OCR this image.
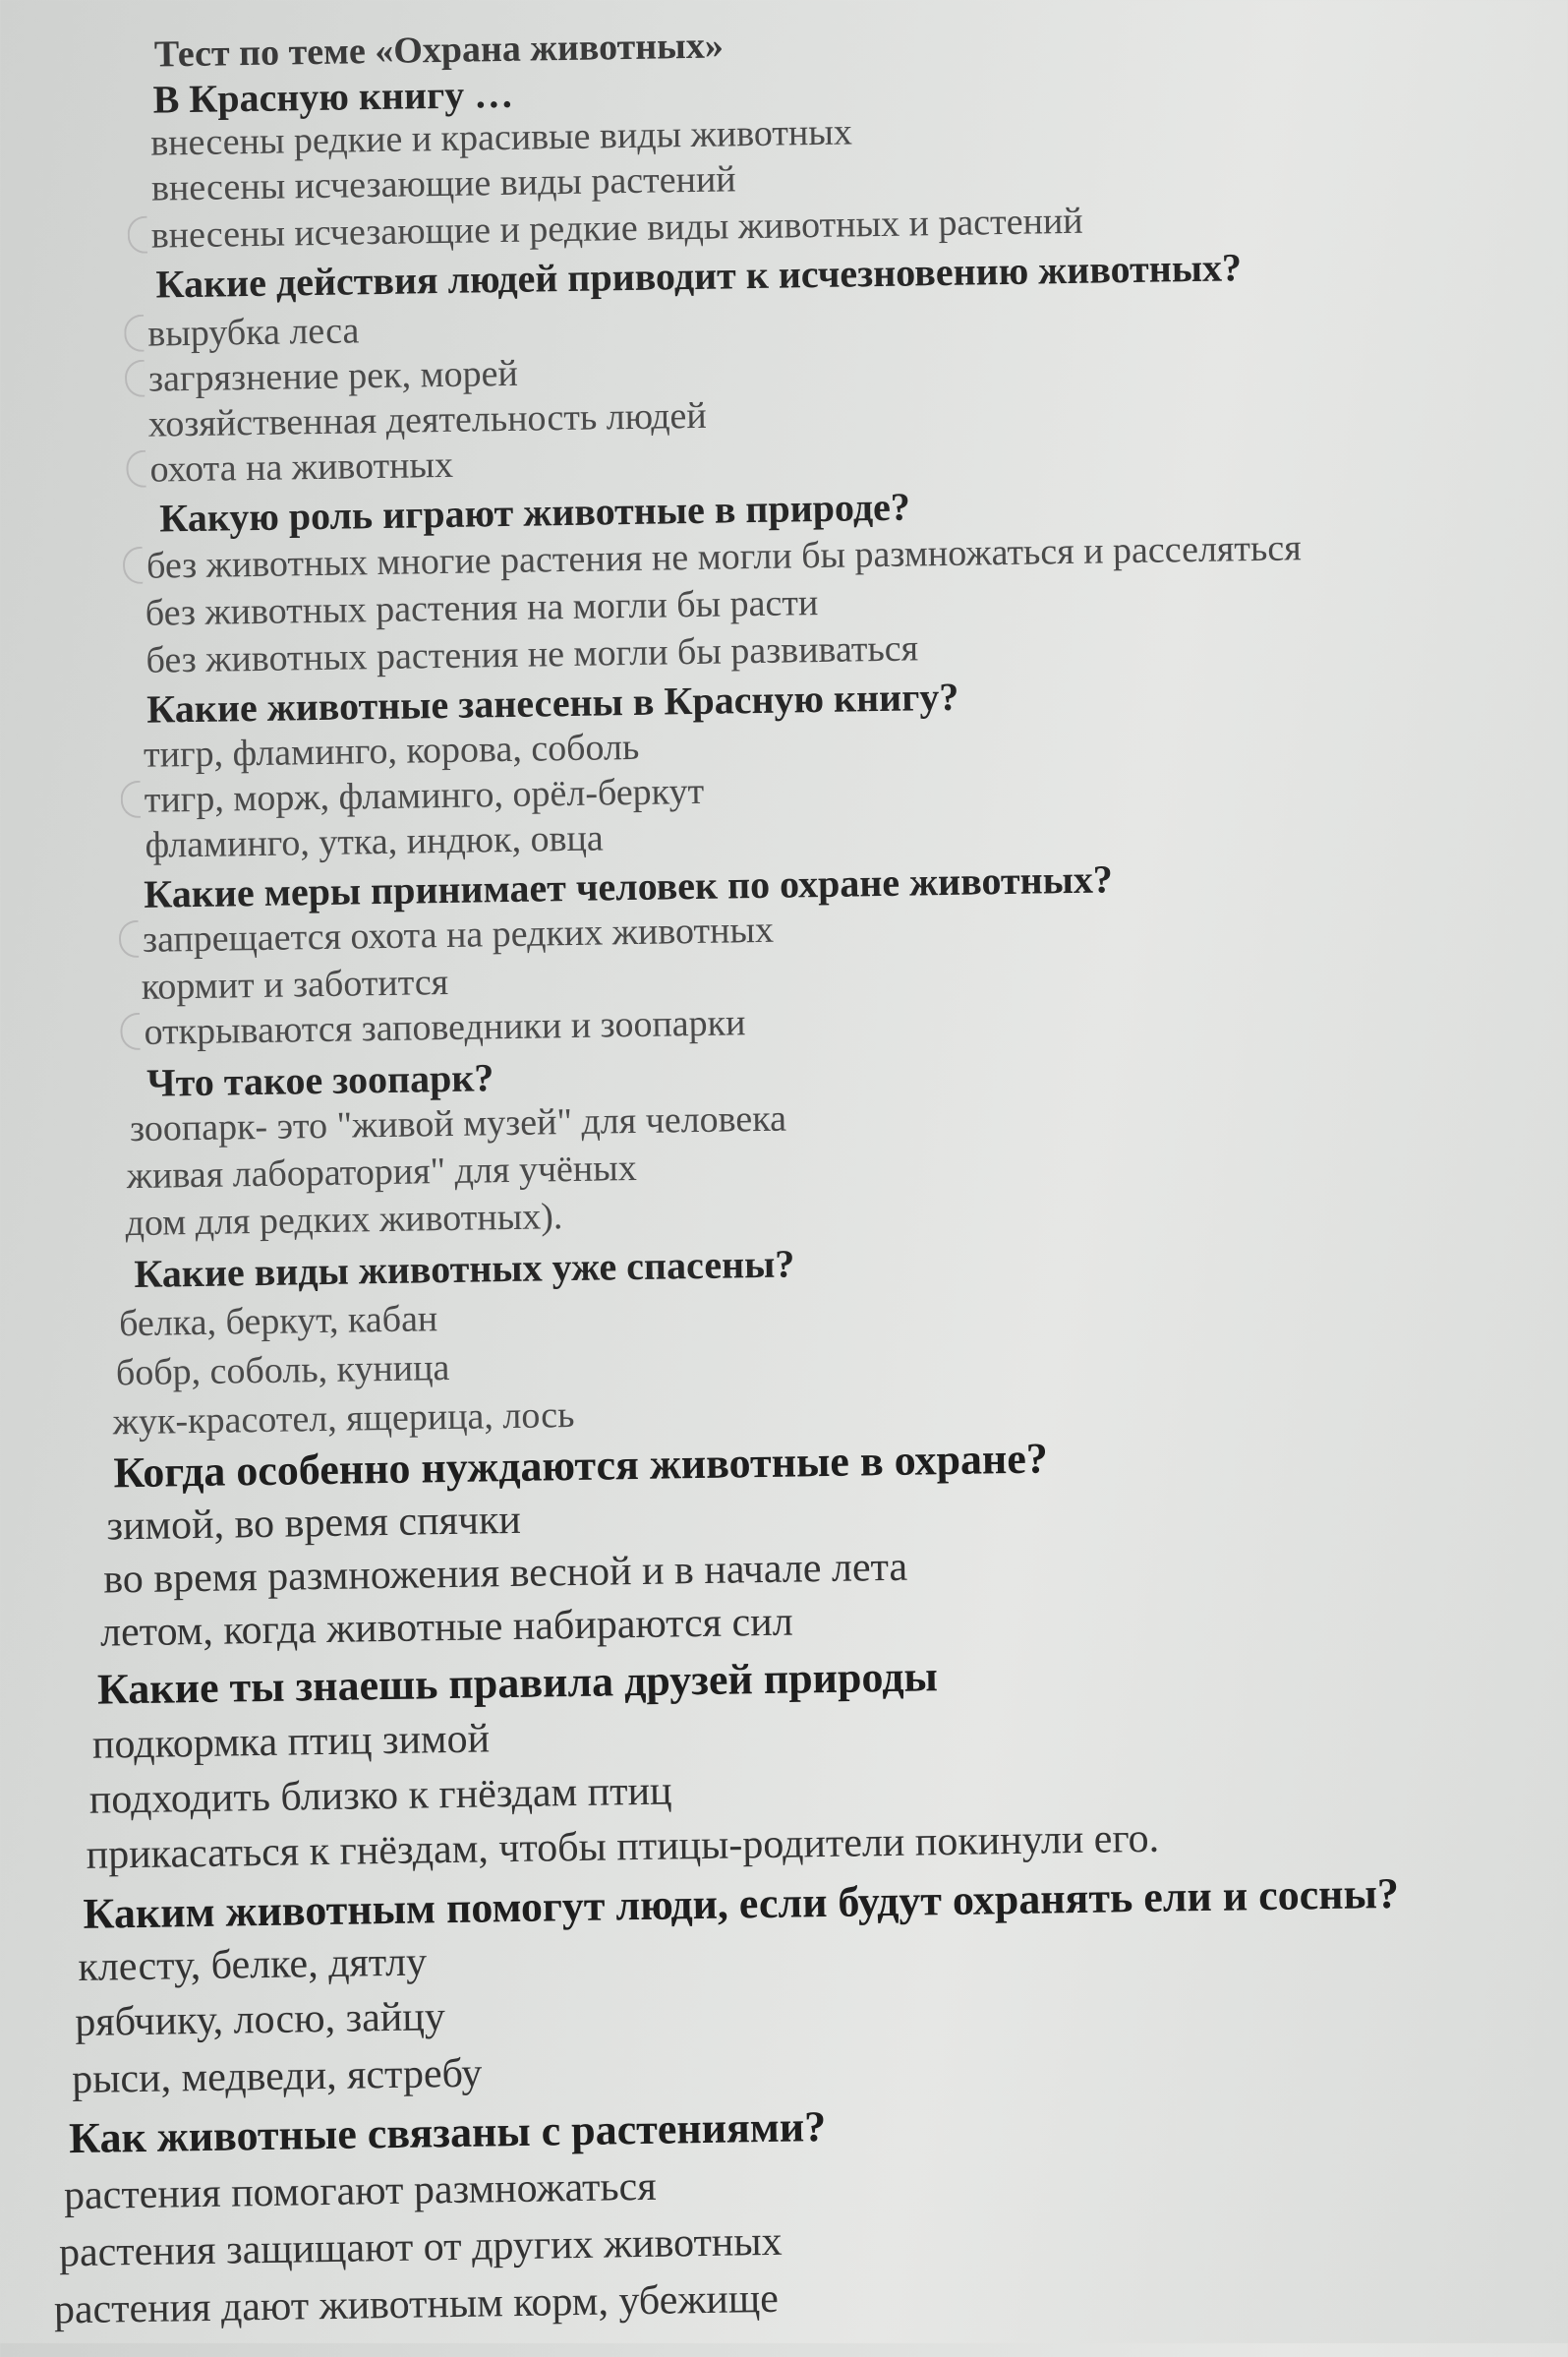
Тест по теме «Охрана животных»
В Красную книгу …
внесены редкие и красивые виды животных
внесены исчезающие виды растений
внесены исчезающие и редкие виды животных и растений
Какие действия людей приводит к исчезновению животных?
вырубка леса
загрязнение рек, морей
хозяйственная деятельность людей
охота на животных
Какую роль играют животные в природе?
без животных многие растения не могли бы размножаться и расселяться
без животных растения на могли бы расти
без животных растения не могли бы развиваться
Какие животные занесены в Красную книгу?
тигр, фламинго, корова, соболь
тигр, морж, фламинго, орёл-беркут
фламинго, утка, индюк, овца
Какие меры принимает человек по охране животных?
запрещается охота на редких животных
кормит и заботится
открываются заповедники и зоопарки
Что такое зоопарк?
зоопарк- это "живой музей" для человека
живая лаборатория" для учёных
дом для редких животных).
Какие виды животных уже спасены?
белка, беркут, кабан
бобр, соболь, куница
жук-красотел, ящерица, лось
Когда особенно нуждаются животные в охране?
зимой, во время спячки
во время размножения весной и в начале лета
летом, когда животные набираются сил
Какие ты знаешь правила друзей природы
подкормка птиц зимой
подходить близко к гнёздам птиц
прикасаться к гнёздам, чтобы птицы-родители покинули его.
Каким животным помогут люди, если будут охранять ели и сосны?
клесту, белке, дятлу
рябчику, лосю, зайцу
рыси, медведи, ястребу
Как животные связаны с растениями?
растения помогают размножаться
растения защищают от других животных
растения дают животным корм, убежище
